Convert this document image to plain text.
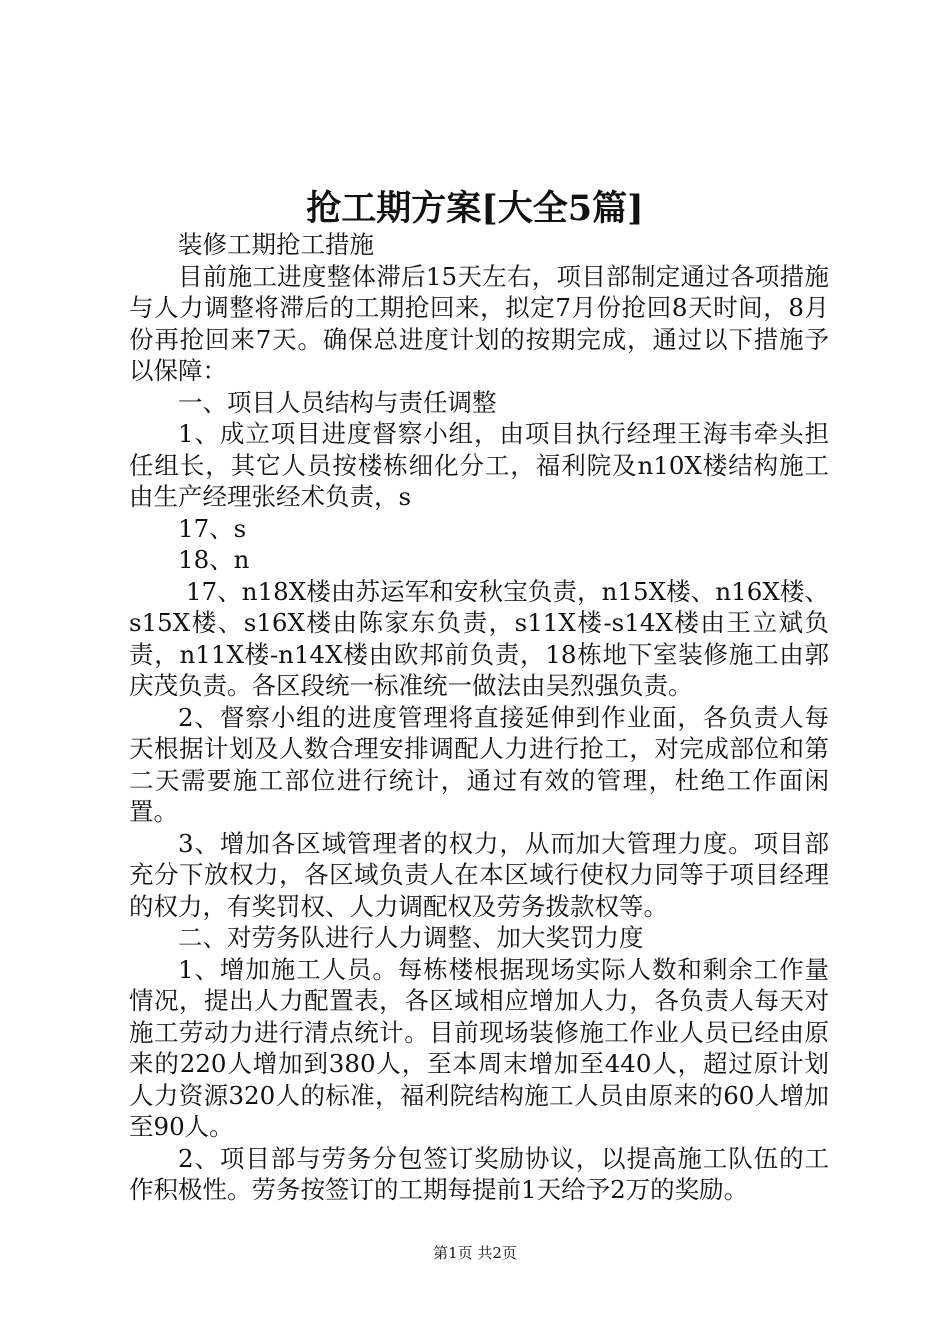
抢工期方案[大全5篇]

装修工期抢工措施

目前施工进度整体滞后15天左右，项目部制定通过各项措施与人力调整将滞后的工期抢回来，拟定7月份抢回8天时间，8月份再抢回来7天。确保总进度计划的按期完成，通过以下措施予以保障：

一、项目人员结构与责任调整

1、成立项目进度督察小组，由项目执行经理王海韦牵头担任组长，其它人员按楼栋细化分工，福利院及n10X楼结构施工由生产经理张经术负责，s

17、s

18、n

17、n18X楼由苏运军和安秋宝负责，n15X楼、n16X楼、s15X楼、s16X楼由陈家东负责，s11X楼-s14X楼由王立斌负责，n11X楼-n14X楼由欧邦前负责，18栋地下室装修施工由郭庆茂负责。各区段统一标准统一做法由吴烈强负责。

2、督察小组的进度管理将直接延伸到作业面，各负责人每天根据计划及人数合理安排调配人力进行抢工，对完成部位和第二天需要施工部位进行统计，通过有效的管理，杜绝工作面闲置。

3、增加各区域管理者的权力，从而加大管理力度。项目部充分下放权力，各区域负责人在本区域行使权力同等于项目经理的权力，有奖罚权、人力调配权及劳务拨款权等。

二、对劳务队进行人力调整、加大奖罚力度

1、增加施工人员。每栋楼根据现场实际人数和剩余工作量情况，提出人力配置表，各区域相应增加人力，各负责人每天对施工劳动力进行清点统计。目前现场装修施工作业人员已经由原来的220人增加到380人，至本周末增加至440人，超过原计划人力资源320人的标准，福利院结构施工人员由原来的60人增加至90人。

2、项目部与劳务分包签订奖励协议，以提高施工队伍的工作积极性。劳务按签订的工期每提前1天给予2万的奖励。

第1页 共2页
